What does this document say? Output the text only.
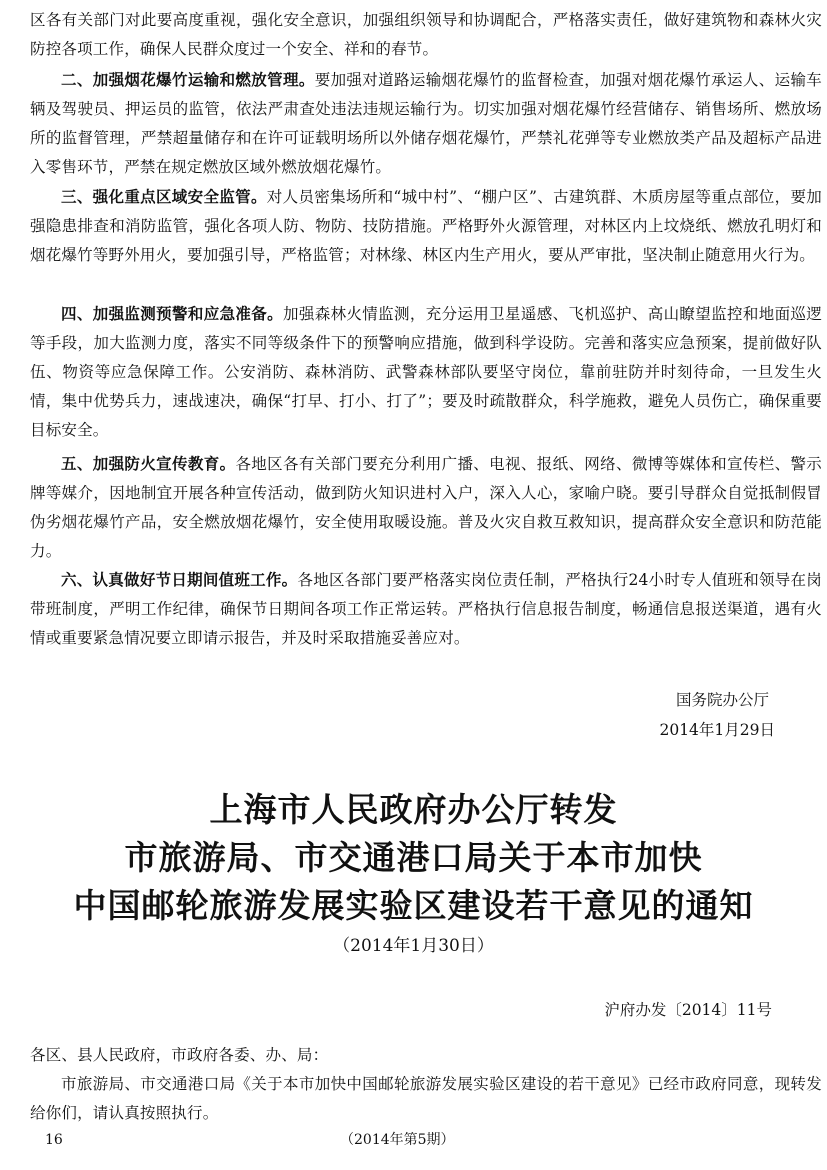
区各有关部门对此要高度重视，强化安全意识，加强组织领导和协调配合，严格落实责任，做好建筑物和森林火灾防控各项工作，确保人民群众度过一个安全、祥和的春节。

二、加强烟花爆竹运输和燃放管理。要加强对道路运输烟花爆竹的监督检查，加强对烟花爆竹承运人、运输车辆及驾驶员、押运员的监管，依法严肃查处违法违规运输行为。切实加强对烟花爆竹经营储存、销售场所、燃放场所的监督管理，严禁超量储存和在许可证载明场所以外储存烟花爆竹，严禁礼花弹等专业燃放类产品及超标产品进入零售环节，严禁在规定燃放区域外燃放烟花爆竹。

三、强化重点区域安全监管。对人员密集场所和“城中村”、“棚户区”、古建筑群、木质房屋等重点部位，要加强隐患排查和消防监管，强化各项人防、物防、技防措施。严格野外火源管理，对林区内上坟烧纸、燃放孔明灯和烟花爆竹等野外用火，要加强引导，严格监管；对林缘、林区内生产用火，要从严审批，坚决制止随意用火行为。

四、加强监测预警和应急准备。加强森林火情监测，充分运用卫星遥感、飞机巡护、高山瞭望监控和地面巡逻等手段，加大监测力度，落实不同等级条件下的预警响应措施，做到科学设防。完善和落实应急预案，提前做好队伍、物资等应急保障工作。公安消防、森林消防、武警森林部队要坚守岗位，靠前驻防并时刻待命，一旦发生火情，集中优势兵力，速战速决，确保“打早、打小、打了”；要及时疏散群众，科学施救，避免人员伤亡，确保重要目标安全。

五、加强防火宣传教育。各地区各有关部门要充分利用广播、电视、报纸、网络、微博等媒体和宣传栏、警示牌等媒介，因地制宜开展各种宣传活动，做到防火知识进村入户，深入人心，家喻户晓。要引导群众自觉抵制假冒伪劣烟花爆竹产品，安全燃放烟花爆竹，安全使用取暖设施。普及火灾自救互救知识，提高群众安全意识和防范能力。

六、认真做好节日期间值班工作。各地区各部门要严格落实岗位责任制，严格执行24小时专人值班和领导在岗带班制度，严明工作纪律，确保节日期间各项工作正常运转。严格执行信息报告制度，畅通信息报送渠道，遇有火情或重要紧急情况要立即请示报告，并及时采取措施妥善应对。

国务院办公厅
2014年1月29日
上海市人民政府办公厅转发
市旅游局、市交通港口局关于本市加快
中国邮轮旅游发展实验区建设若干意见的通知
（2014年1月30日）
沪府办发〔2014〕11号

各区、县人民政府，市政府各委、办、局：

市旅游局、市交通港口局《关于本市加快中国邮轮旅游发展实验区建设的若干意见》已经市政府同意，现转发给你们，请认真按照执行。

16	（2014年第5期）
